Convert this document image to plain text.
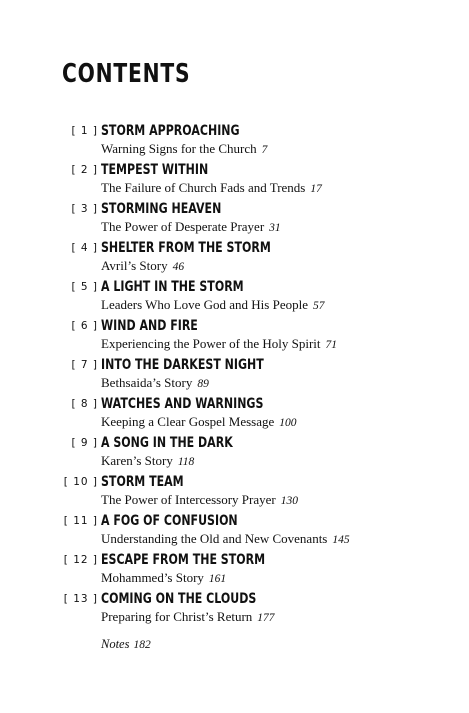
CONTENTS
[ 1 ] STORM APPROACHING
Warning Signs for the Church 7
[ 2 ] TEMPEST WITHIN
The Failure of Church Fads and Trends 17
[ 3 ] STORMING HEAVEN
The Power of Desperate Prayer 31
[ 4 ] SHELTER FROM THE STORM
Avril’s Story 46
[ 5 ] A LIGHT IN THE STORM
Leaders Who Love God and His People 57
[ 6 ] WIND AND FIRE
Experiencing the Power of the Holy Spirit 71
[ 7 ] INTO THE DARKEST NIGHT
Bethsaida’s Story 89
[ 8 ] WATCHES AND WARNINGS
Keeping a Clear Gospel Message 100
[ 9 ] A SONG IN THE DARK
Karen’s Story 118
[ 10 ] STORM TEAM
The Power of Intercessory Prayer 130
[ 11 ] A FOG OF CONFUSION
Understanding the Old and New Covenants 145
[ 12 ] ESCAPE FROM THE STORM
Mohammed’s Story 161
[ 13 ] COMING ON THE CLOUDS
Preparing for Christ’s Return 177
Notes 182
